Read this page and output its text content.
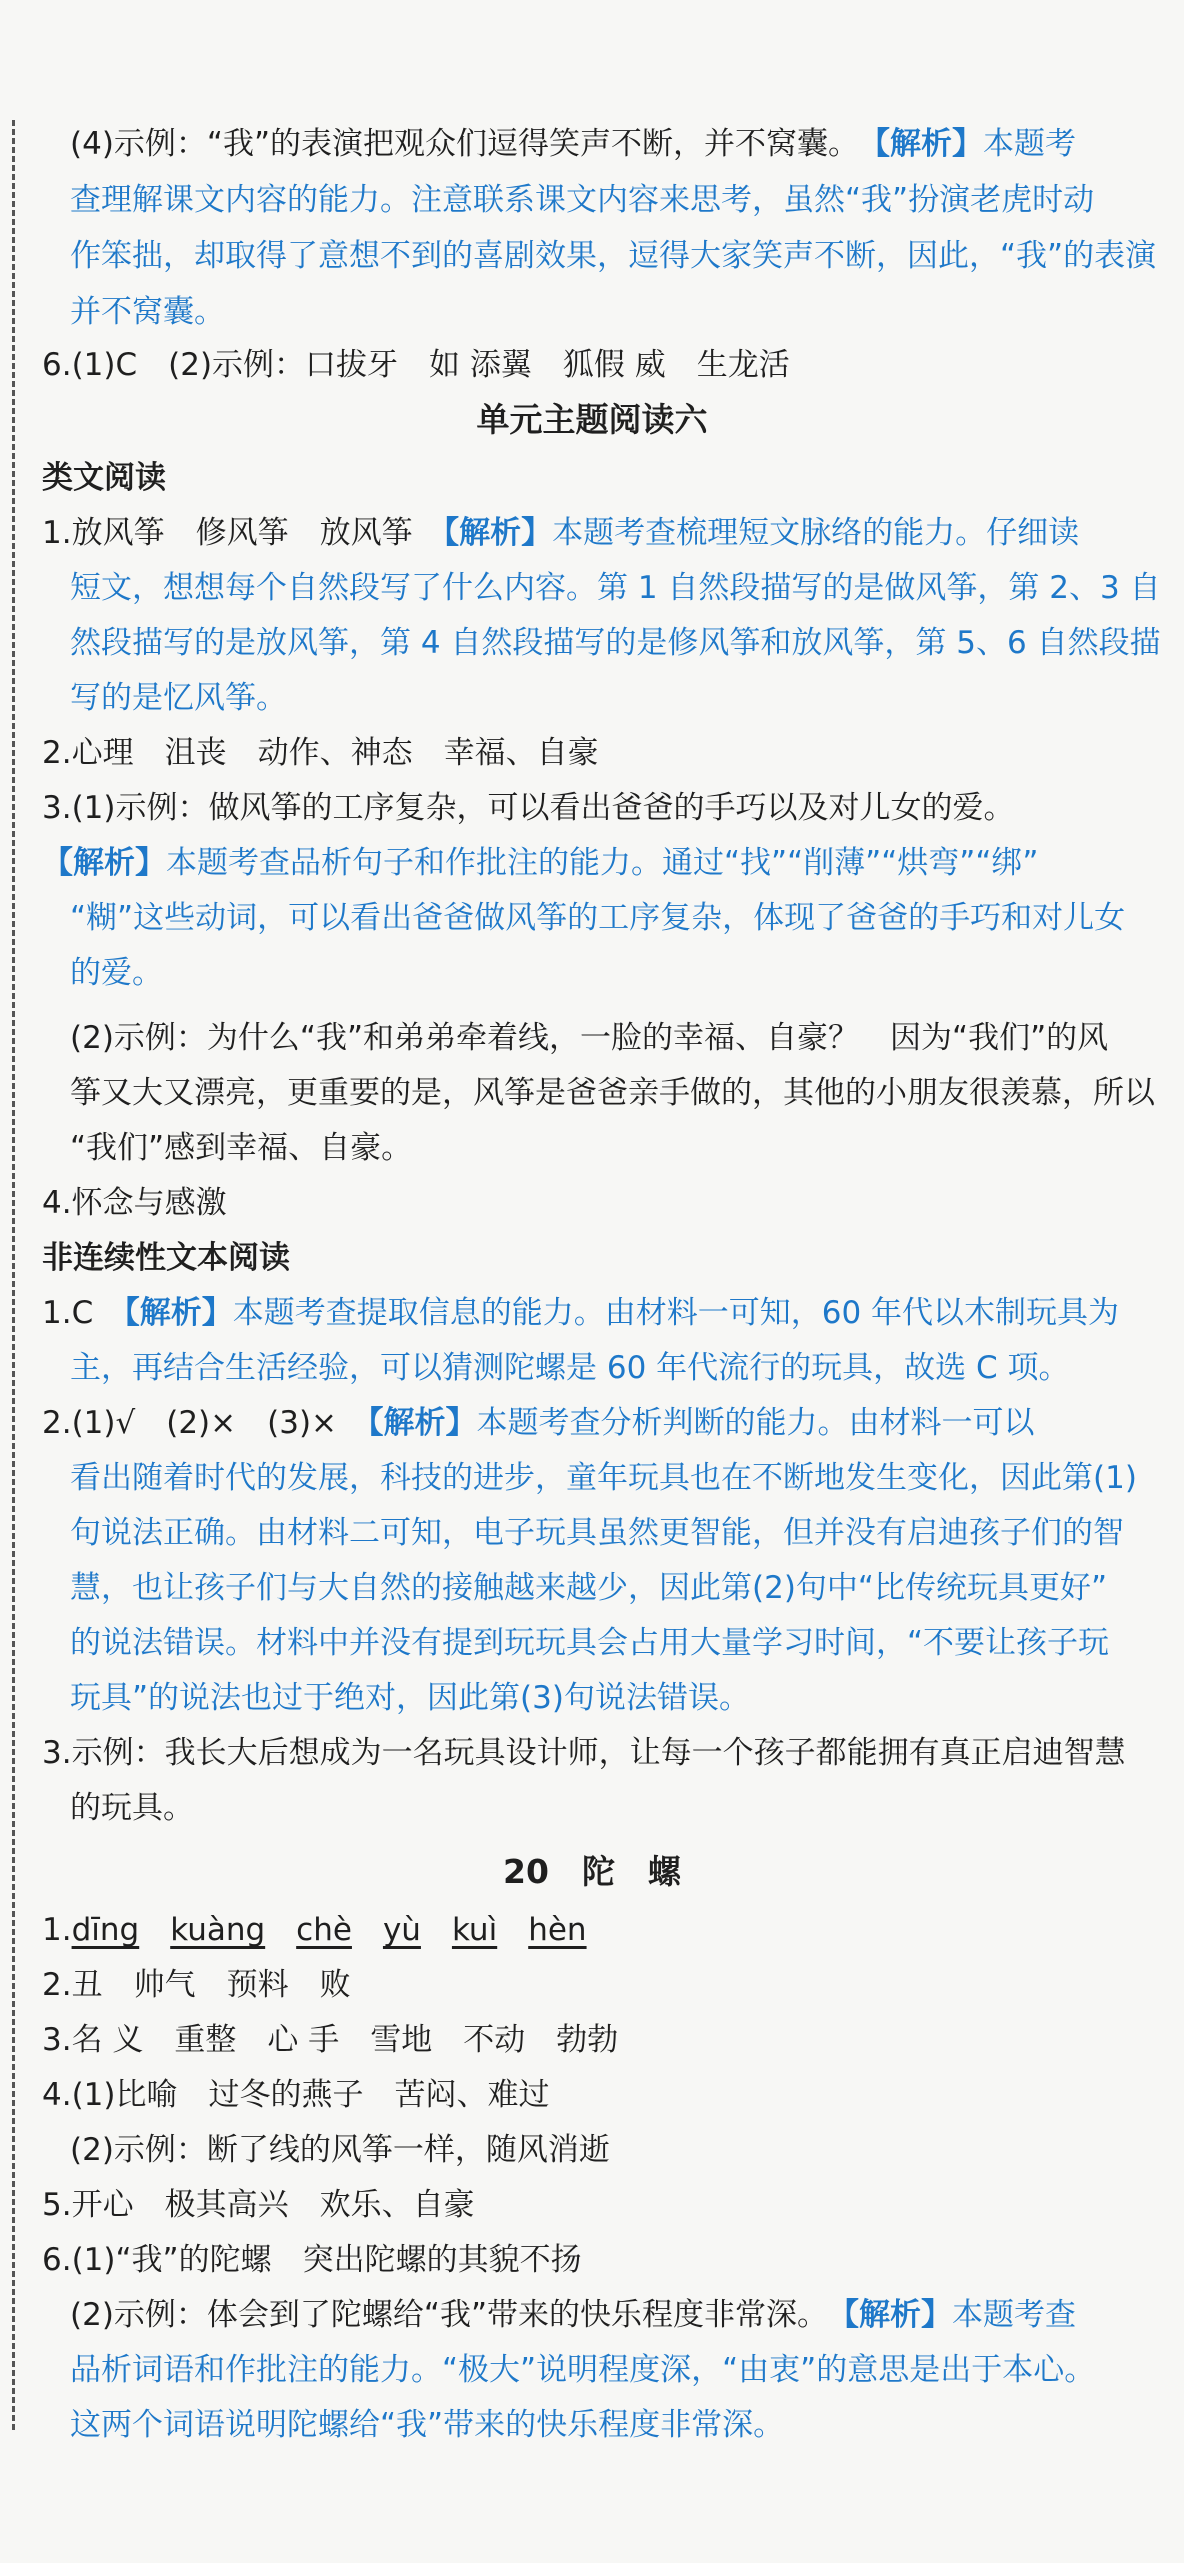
(4)示例：“我”的表演把观众们逗得笑声不断，并不窝囊。　 【解析】本题考
查理解课文内容的能力。注意联系课文内容来思考，虽然“我”扮演老虎时动
作笨拙，却取得了意想不到的喜剧效果，逗得大家笑声不断，因此，“我”的表演
并不窝囊。
6.(1)C　(2)示例：口拔牙　如 添翼　狐假 威　生龙活
单元主题阅读六
类文阅读
1.放风筝　修风筝　放风筝　 【解析】本题考查梳理短文脉络的能力。仔细读
短文，想想每个自然段写了什么内容。第 1 自然段描写的是做风筝，第 2、3 自
然段描写的是放风筝，第 4 自然段描写的是修风筝和放风筝，第 5、6 自然段描
写的是忆风筝。
2.心理　沮丧　动作、神态　幸福、自豪
3.(1)示例：做风筝的工序复杂，可以看出爸爸的手巧以及对儿女的爱。
【解析】本题考查品析句子和作批注的能力。通过“找”“削薄”“烘弯”“绑”
“糊”这些动词，可以看出爸爸做风筝的工序复杂，体现了爸爸的手巧和对儿女
的爱。
(2)示例：为什么“我”和弟弟牵着线，一脸的幸福、自豪？　因为“我们”的风
筝又大又漂亮，更重要的是，风筝是爸爸亲手做的，其他的小朋友很羡慕，所以
“我们”感到幸福、自豪。
4.怀念与感激
非连续性文本阅读
1.C　 【解析】本题考查提取信息的能力。由材料一可知，60 年代以木制玩具为
主，再结合生活经验，可以猜测陀螺是 60 年代流行的玩具，故选 C 项。
2.(1)√　(2)×　(3)×　 【解析】本题考查分析判断的能力。由材料一可以
看出随着时代的发展，科技的进步，童年玩具也在不断地发生变化，因此第(1)
句说法正确。由材料二可知，电子玩具虽然更智能，但并没有启迪孩子们的智
慧，也让孩子们与大自然的接触越来越少，因此第(2)句中“比传统玩具更好”
的说法错误。材料中并没有提到玩玩具会占用大量学习时间，“不要让孩子玩
玩具”的说法也过于绝对，因此第(3)句说法错误。
3.示例：我长大后想成为一名玩具设计师，让每一个孩子都能拥有真正启迪智慧
的玩具。
20　陀　螺
1.dīng　 kuàng　 chè　 yù　 kuì　 hèn
2.丑　帅气　预料　败
3.名 义　重整　心 手　雪地　不动　勃勃
4.(1)比喻　过冬的燕子　苦闷、难过
(2)示例：断了线的风筝一样，随风消逝
5.开心　极其高兴　欢乐、自豪
6.(1)“我”的陀螺　突出陀螺的其貌不扬
(2)示例：体会到了陀螺给“我”带来的快乐程度非常深。　 【解析】本题考查
品析词语和作批注的能力。“极大”说明程度深，“由衷”的意思是出于本心。
这两个词语说明陀螺给“我”带来的快乐程度非常深。
